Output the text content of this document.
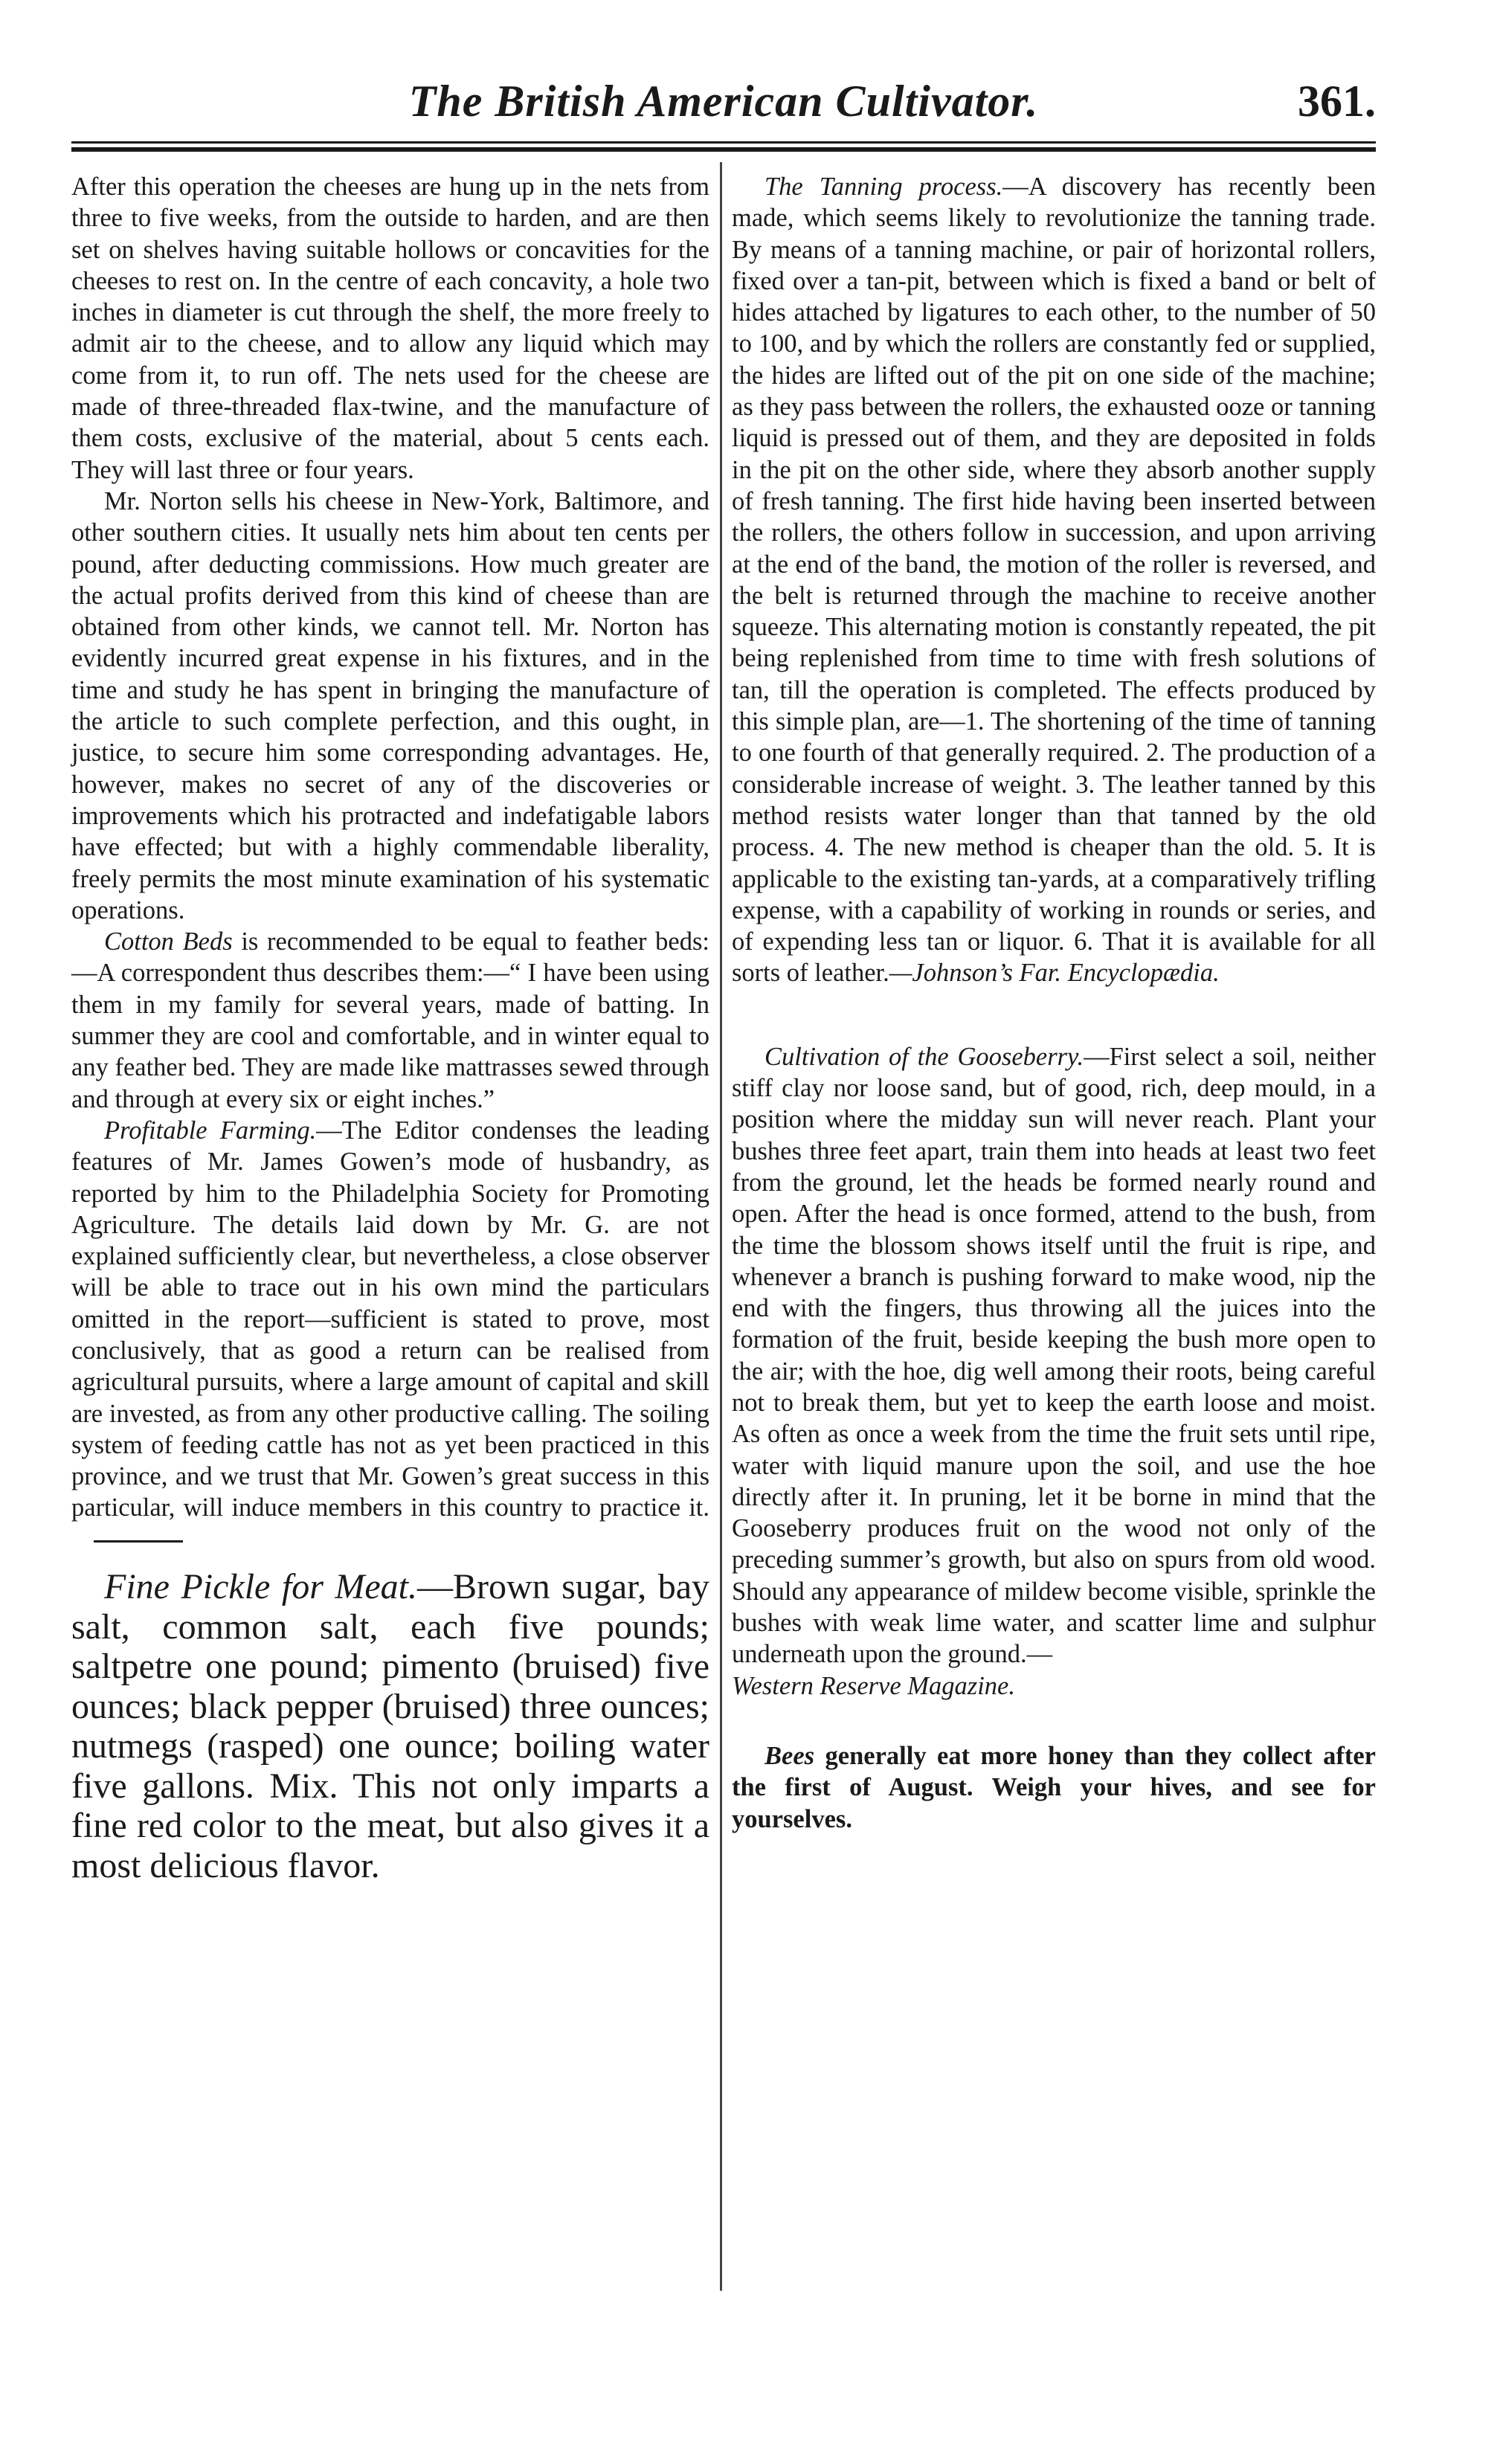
The British American Cultivator.	361.

After this operation the cheeses are hung up in the nets from three to five weeks, from the outside to harden, and are then set on shelves having suitable hollows or concavities for the cheeses to rest on. In the centre of each concavity, a hole two inches in diameter is cut through the shelf, the more freely to admit air to the cheese, and to allow any liquid which may come from it, to run off. The nets used for the cheese are made of three-threaded flax-twine, and the manufacture of them costs, exclusive of the material, about 5 cents each. They will last three or four years.

Mr. Norton sells his cheese in New-York, Baltimore, and other southern cities. It usually nets him about ten cents per pound, after deducting commissions. How much greater are the actual profits derived from this kind of cheese than are obtained from other kinds, we cannot tell. Mr. Norton has evidently incurred great expense in his fixtures, and in the time and study he has spent in bringing the manufacture of the article to such complete perfection, and this ought, in justice, to secure him some corresponding advantages. He, however, makes no secret of any of the discoveries or improvements which his protracted and indefatigable labors have effected; but with a highly commendable liberality, freely permits the most minute examination of his systematic operations.

Cotton Beds is recommended to be equal to feather beds:—A correspondent thus describes them:—“ I have been using them in my family for several years, made of batting. In summer they are cool and comfortable, and in winter equal to any feather bed. They are made like mattrasses sewed through and through at every six or eight inches.”

Profitable Farming.—The Editor condenses the leading features of Mr. James Gowen’s mode of husbandry, as reported by him to the Philadelphia Society for Promoting Agriculture. The details laid down by Mr. G. are not explained sufficiently clear, but nevertheless, a close observer will be able to trace out in his own mind the particulars omitted in the report—sufficient is stated to prove, most conclusively, that as good a return can be realised from agricultural pursuits, where a large amount of capital and skill are invested, as from any other productive calling. The soiling system of feeding cattle has not as yet been practiced in this province, and we trust that Mr. Gowen’s great success in this particular, will induce members in this country to practice it.

Fine Pickle for Meat.—Brown sugar, bay salt, common salt, each five pounds; saltpetre one pound; pimento (bruised) five ounces; black pepper (bruised) three ounces; nutmegs (rasped) one ounce; boiling water five gallons. Mix. This not only imparts a fine red color to the meat, but also gives it a most delicious flavor.

The Tanning process.—A discovery has recently been made, which seems likely to revolutionize the tanning trade. By means of a tanning machine, or pair of horizontal rollers, fixed over a tan-pit, between which is fixed a band or belt of hides attached by ligatures to each other, to the number of 50 to 100, and by which the rollers are constantly fed or supplied, the hides are lifted out of the pit on one side of the machine; as they pass between the rollers, the exhausted ooze or tanning liquid is pressed out of them, and they are deposited in folds in the pit on the other side, where they absorb another supply of fresh tanning. The first hide having been inserted between the rollers, the others follow in succession, and upon arriving at the end of the band, the motion of the roller is reversed, and the belt is returned through the machine to receive another squeeze. This alternating motion is constantly repeated, the pit being replenished from time to time with fresh solutions of tan, till the operation is completed. The effects produced by this simple plan, are—1. The shortening of the time of tanning to one fourth of that generally required. 2. The production of a considerable increase of weight. 3. The leather tanned by this method resists water longer than that tanned by the old process. 4. The new method is cheaper than the old. 5. It is applicable to the existing tan-yards, at a comparatively trifling expense, with a capability of working in rounds or series, and of expending less tan or liquor. 6. That it is available for all sorts of leather.—Johnson’s Far. Encyclopædia.

Cultivation of the Gooseberry.—First select a soil, neither stiff clay nor loose sand, but of good, rich, deep mould, in a position where the midday sun will never reach. Plant your bushes three feet apart, train them into heads at least two feet from the ground, let the heads be formed nearly round and open. After the head is once formed, attend to the bush, from the time the blossom shows itself until the fruit is ripe, and whenever a branch is pushing forward to make wood, nip the end with the fingers, thus throwing all the juices into the formation of the fruit, beside keeping the bush more open to the air; with the hoe, dig well among their roots, being careful not to break them, but yet to keep the earth loose and moist. As often as once a week from the time the fruit sets until ripe, water with liquid manure upon the soil, and use the hoe directly after it. In pruning, let it be borne in mind that the Gooseberry produces fruit on the wood not only of the preceding summer’s growth, but also on spurs from old wood. Should any appearance of mildew become visible, sprinkle the bushes with weak lime water, and scatter lime and sulphur underneath upon the ground.—
Western Reserve Magazine.

Bees generally eat more honey than they collect after the first of August. Weigh your hives, and see for yourselves.
